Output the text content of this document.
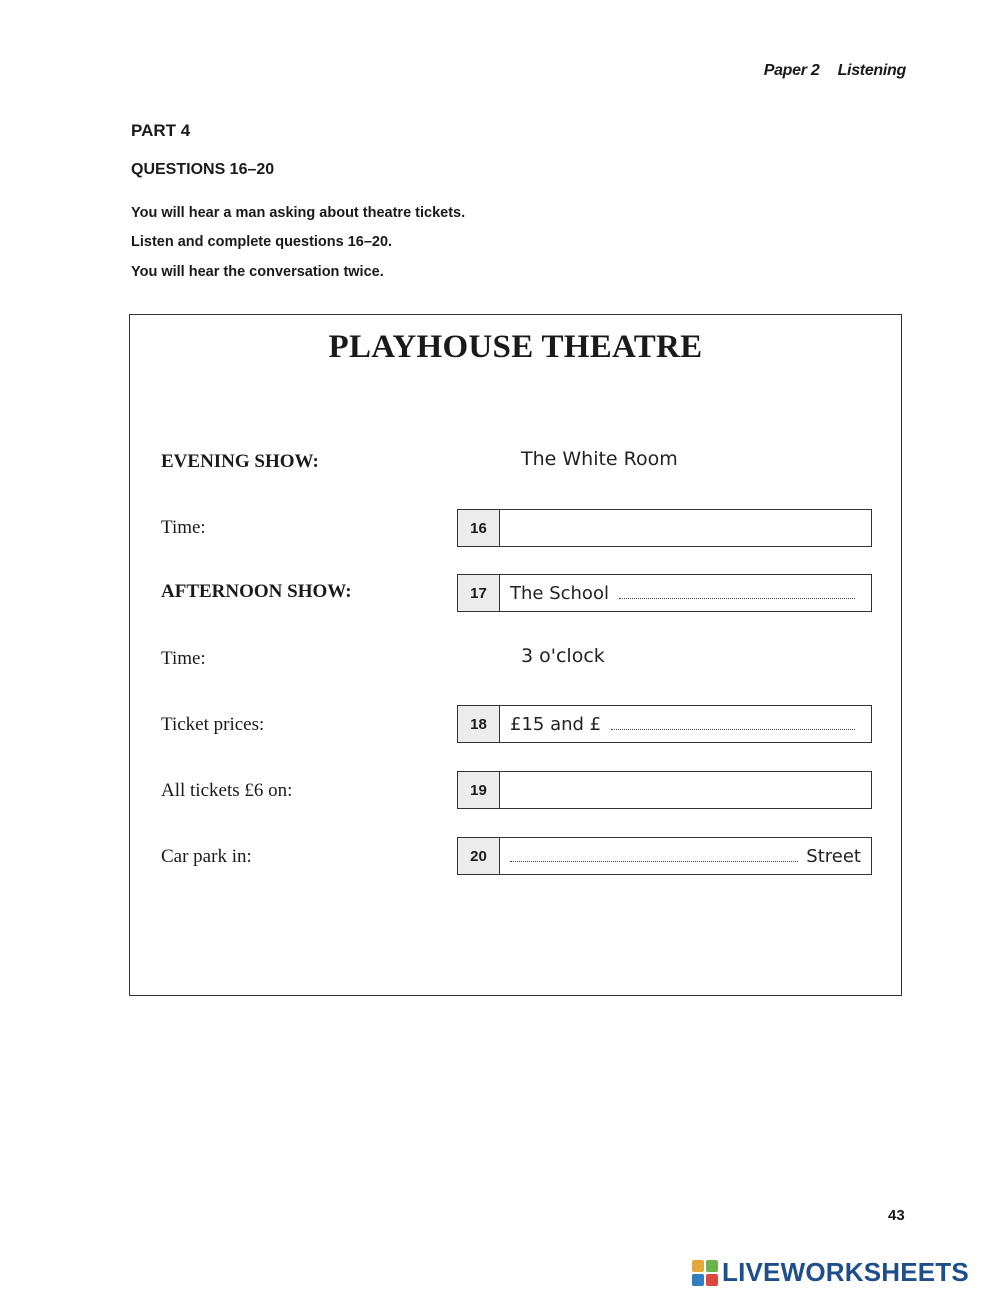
Paper 2 Listening
PART 4
QUESTIONS 16–20
You will hear a man asking about theatre tickets.
Listen and complete questions 16–20.
You will hear the conversation twice.
PLAYHOUSE THEATRE
EVENING SHOW:	The White Room
Time:	16
AFTERNOON SHOW:	17	The School
Time:	3 o'clock
Ticket prices:	18	£15 and £
All tickets £6 on:	19
Car park in:	20	Street
43
LIVEWORKSHEETS
